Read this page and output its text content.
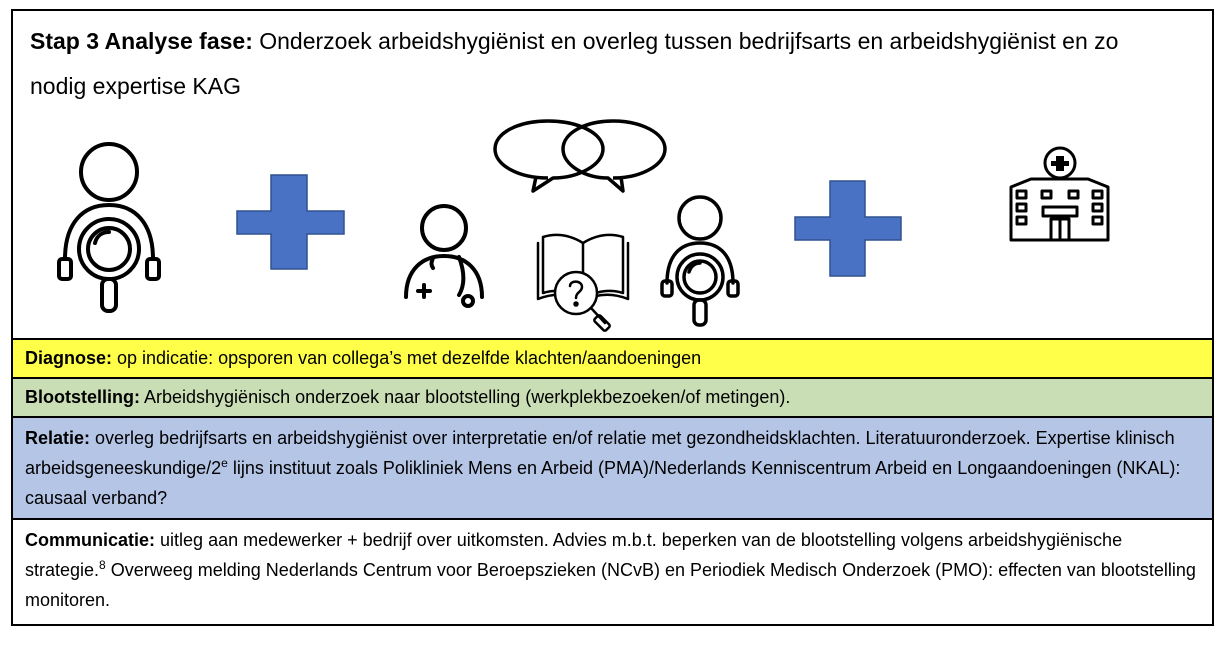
Stap 3 Analyse fase: Onderzoek arbeidshygiënist en overleg tussen bedrijfsarts en arbeidshygiënist en zo nodig expertise KAG
Diagnose: op indicatie: opsporen van collega’s met dezelfde klachten/aandoeningen
Blootstelling: Arbeidshygiënisch onderzoek naar blootstelling (werkplekbezoeken/of metingen).
Relatie: overleg bedrijfsarts en arbeidshygiënist over interpretatie en/of relatie met gezondheidsklachten. Literatuuronderzoek. Expertise klinisch arbeidsgeneeskundige/2e lijns instituut zoals Polikliniek Mens en Arbeid (PMA)/Nederlands Kenniscentrum Arbeid en Longaandoeningen (NKAL): causaal verband?
Communicatie: uitleg aan medewerker + bedrijf over uitkomsten. Advies m.b.t. beperken van de blootstelling volgens arbeidshygiënische strategie.$^8$ Overweeg melding Nederlands Centrum voor Beroepszieken (NCvB) en Periodiek Medisch Onderzoek (PMO): effecten van blootstelling monitoren.
